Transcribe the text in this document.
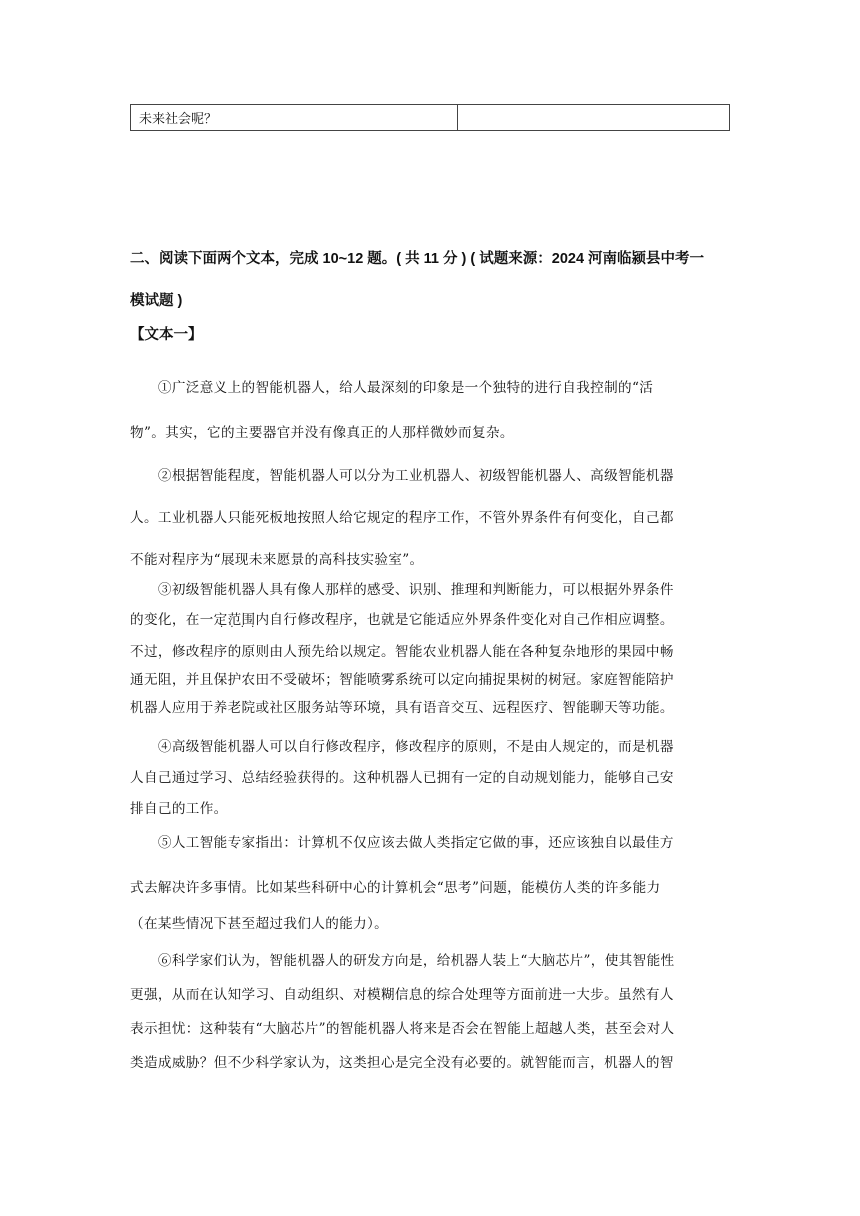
未来社会呢？	
二、阅读下面两个文本，完成 10~12 题。( 共 11 分 ) ( 试题来源：2024 河南临颍县中考一
模试题 )
【文本一】
　　①广泛意义上的智能机器人，给人最深刻的印象是一个独特的进行自我控制的“活
物”。其实，它的主要器官并没有像真正的人那样微妙而复杂。
　　②根据智能程度，智能机器人可以分为工业机器人、初级智能机器人、高级智能机器
人。工业机器人只能死板地按照人给它规定的程序工作，不管外界条件有何变化，自己都
不能对程序为“展现未来愿景的高科技实验室”。
　　③初级智能机器人具有像人那样的感受、识别、推理和判断能力，可以根据外界条件
的变化，在一定范围内自行修改程序，也就是它能适应外界条件变化对自己作相应调整。
· · · ·
不过，修改程序的原则由人预先给以规定。智能农业机器人能在各种复杂地形的果园中畅
通无阻，并且保护农田不受破坏；智能喷雾系统可以定向捕捉果树的树冠。家庭智能陪护
机器人应用于养老院或社区服务站等环境，具有语音交互、远程医疗、智能聊天等功能。
　　④高级智能机器人可以自行修改程序，修改程序的原则，不是由人规定的，而是机器
人自己通过学习、总结经验获得的。这种机器人已拥有一定的自动规划能力，能够自己安
排自己的工作。
　　⑤人工智能专家指出：计算机不仅应该去做人类指定它做的事，还应该独自以最佳方
式去解决许多事情。比如某些科研中心的计算机会“思考”问题，能模仿人类的许多能力
（在某些情况下甚至超过我们人的能力）。
　　⑥科学家们认为，智能机器人的研发方向是，给机器人装上“大脑芯片”，使其智能性
更强，从而在认知学习、自动组织、对模糊信息的综合处理等方面前进一大步。虽然有人
表示担忧：这种装有“大脑芯片”的智能机器人将来是否会在智能上超越人类，甚至会对人
类造成威胁？但不少科学家认为，这类担心是完全没有必要的。就智能而言，机器人的智
